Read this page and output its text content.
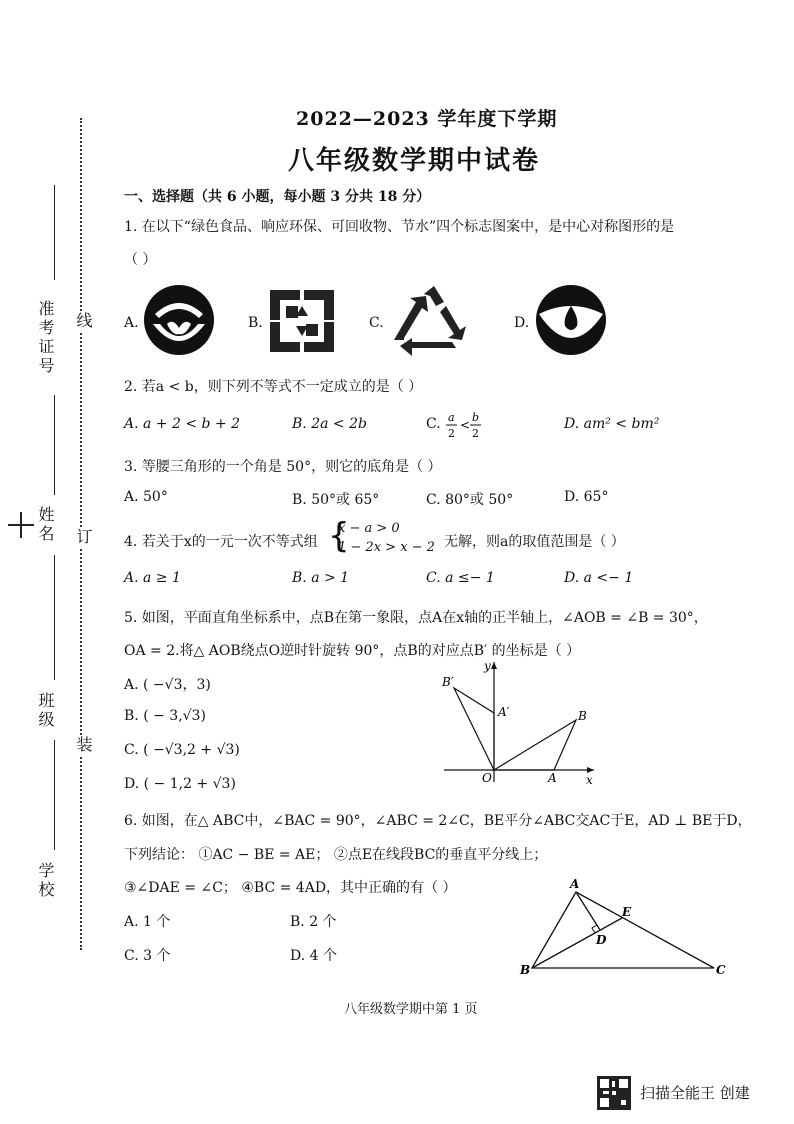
准考证号
姓名
班级
学校
线
订
装
2022—2023 学年度下学期
八年级数学期中试卷
一、选择题（共 6 小题，每小题 3 分共 18 分）
1. 在以下“绿色食品、响应环保、可回收物、节水”四个标志图案中，是中心对称图形的是
（ ）
A.	B.	C.	D.
2. 若a < b，则下列不等式不一定成立的是（ ）
A. a + 2 < b + 2	B. 2a < 2b	C. a
2
<
b
2
D. am² < bm²
3. 等腰三角形的一个角是 50°，则它的底角是（ ）
A. 50°	B. 50°或 65°	C. 80°或 50°	D. 65°
4. 若关于x的一元一次不等式组 {
x − a > 0
1 − 2x > x − 2 无解，则a的取值范围是（ ）
A. a ≥ 1	B. a > 1	C. a ≤− 1	D. a <− 1
5. 如图，平面直角坐标系中，点B在第一象限，点A在x轴的正半轴上，∠AOB = ∠B = 30°，
OA = 2.将△ AOB绕点O逆时针旋转 90°，点B的对应点B′ 的坐标是（ ）
A. ( −√3，3)
B. ( − 3,√3)
C. ( −√3,2 + √3)
D. ( − 1,2 + √3)
y
x
O	A
B
B′
A′
6. 如图，在△ ABC中，∠BAC = 90°，∠ABC = 2∠C，BE平分∠ABC交AC于E，AD ⊥ BE于D，
下列结论： ①AC − BE = AE； ②点E在线段BC的垂直平分线上；
③∠DAE = ∠C； ④BC = 4AD，其中正确的有（ ）
A. 1 个	B. 2 个
C. 3 个	D. 4 个
A
B	C
D
E
八年级数学期中第 1 页
扫描全能王 创建
